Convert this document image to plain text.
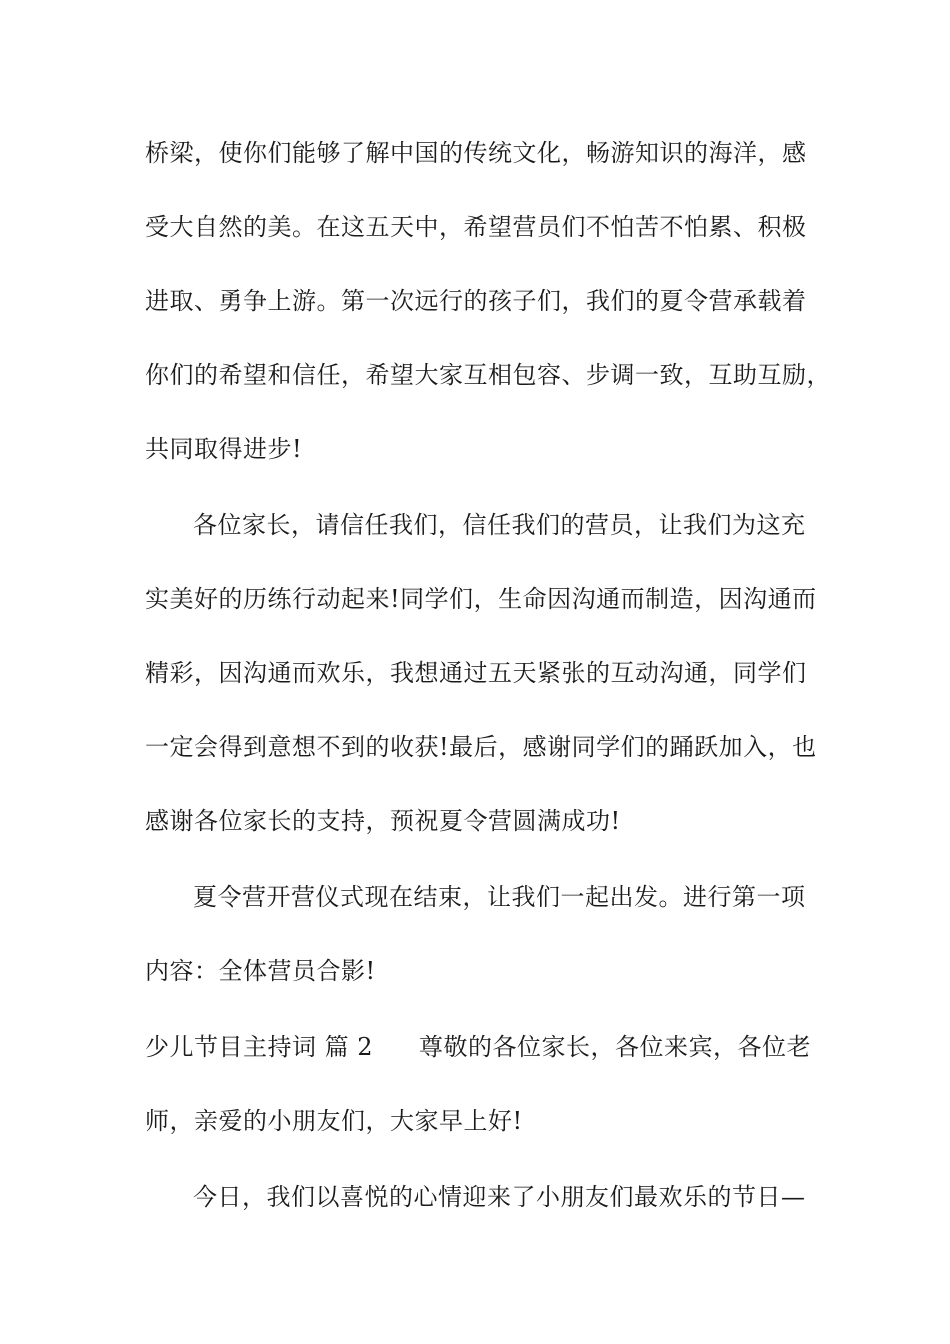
桥梁，使你们能够了解中国的传统文化，畅游知识的海洋，感
受大自然的美。在这五天中，希望营员们不怕苦不怕累、积极
进取、勇争上游。第一次远行的孩子们，我们的夏令营承载着
你们的希望和信任，希望大家互相包容、步调一致，互助互励，
共同取得进步!
各位家长，请信任我们，信任我们的营员，让我们为这充
实美好的历练行动起来!同学们，生命因沟通而制造，因沟通而
精彩，因沟通而欢乐，我想通过五天紧张的互动沟通，同学们
一定会得到意想不到的收获!最后，感谢同学们的踊跃加入，也
感谢各位家长的支持，预祝夏令营圆满成功!
夏令营开营仪式现在结束，让我们一起出发。进行第一项
内容：全体营员合影!
少儿节目主持词 篇 2 尊敬的各位家长，各位来宾，各位老
师，亲爱的小朋友们，大家早上好!
今日，我们以喜悦的心情迎来了小朋友们最欢乐的节日—
